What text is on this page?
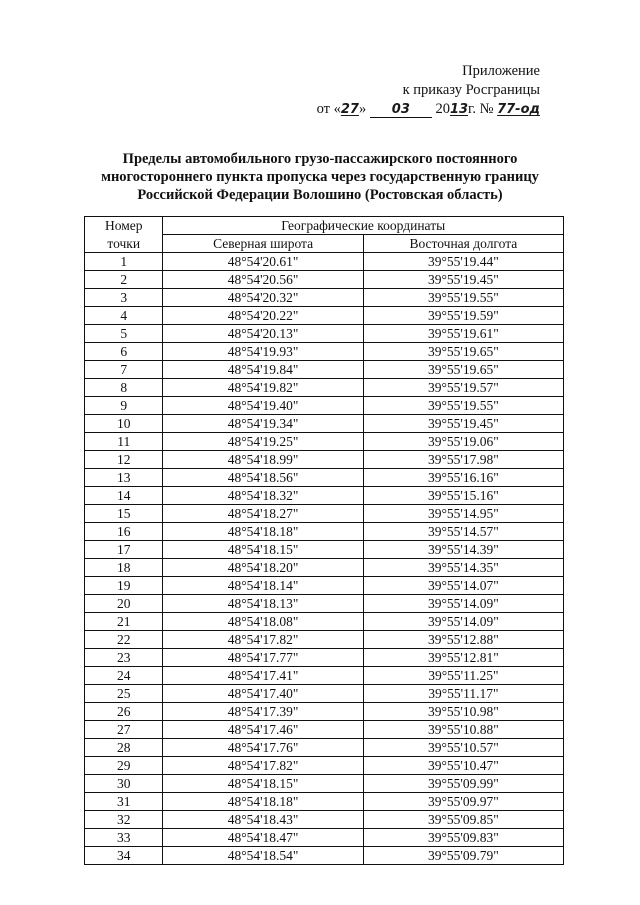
Приложение
к приказу Росграницы
от «27» 03 2013г. № 77-од
Пределы автомобильного грузо-пассажирского постоянного
многостороннего пункта пропуска через государственную границу
Российской Федерации Волошино (Ростовская область)
Номер	Географические координаты	
точки	Северная широта	Восточная долгота
1	48°54'20.61"	39°55'19.44"
2	48°54'20.56"	39°55'19.45"
3	48°54'20.32"	39°55'19.55"
4	48°54'20.22"	39°55'19.59"
5	48°54'20.13"	39°55'19.61"
6	48°54'19.93"	39°55'19.65"
7	48°54'19.84"	39°55'19.65"
8	48°54'19.82"	39°55'19.57"
9	48°54'19.40"	39°55'19.55"
10	48°54'19.34"	39°55'19.45"
11	48°54'19.25"	39°55'19.06"
12	48°54'18.99"	39°55'17.98"
13	48°54'18.56"	39°55'16.16"
14	48°54'18.32"	39°55'15.16"
15	48°54'18.27"	39°55'14.95"
16	48°54'18.18"	39°55'14.57"
17	48°54'18.15"	39°55'14.39"
18	48°54'18.20"	39°55'14.35"
19	48°54'18.14"	39°55'14.07"
20	48°54'18.13"	39°55'14.09"
21	48°54'18.08"	39°55'14.09"
22	48°54'17.82"	39°55'12.88"
23	48°54'17.77"	39°55'12.81"
24	48°54'17.41"	39°55'11.25"
25	48°54'17.40"	39°55'11.17"
26	48°54'17.39"	39°55'10.98"
27	48°54'17.46"	39°55'10.88"
28	48°54'17.76"	39°55'10.57"
29	48°54'17.82"	39°55'10.47"
30	48°54'18.15"	39°55'09.99"
31	48°54'18.18"	39°55'09.97"
32	48°54'18.43"	39°55'09.85"
33	48°54'18.47"	39°55'09.83"
34	48°54'18.54"	39°55'09.79"
